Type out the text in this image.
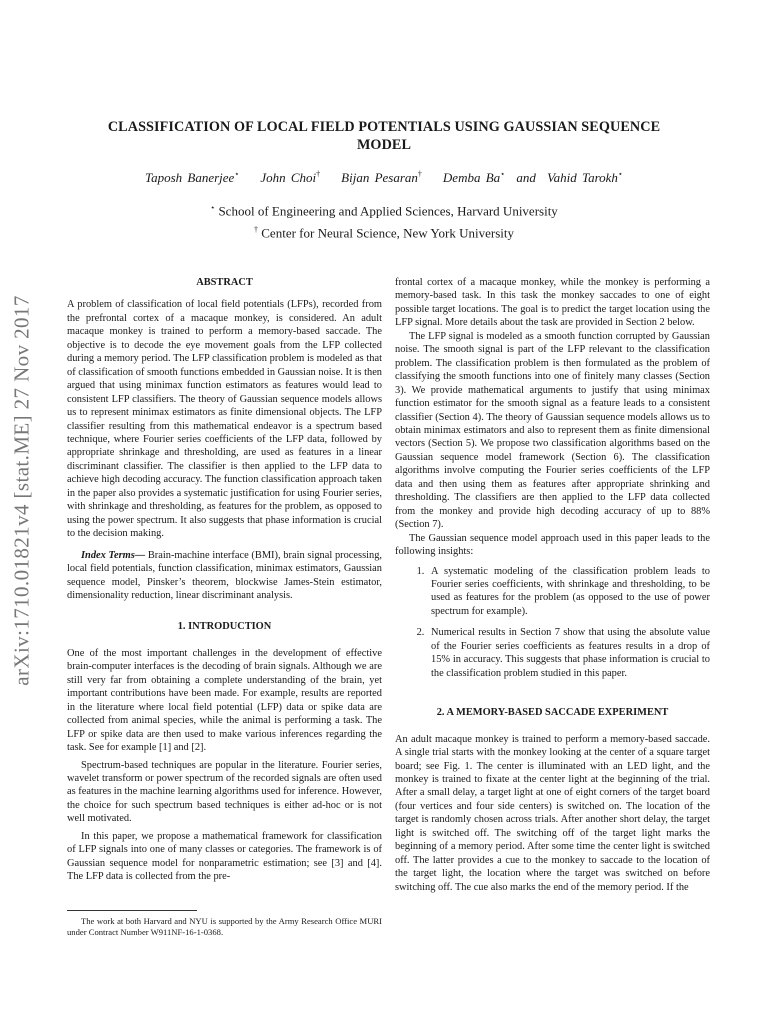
arXiv:1710.01821v4 [stat.ME] 27 Nov 2017
CLASSIFICATION OF LOCAL FIELD POTENTIALS USING GAUSSIAN SEQUENCE
MODEL
Taposh Banerjee⋆ John Choi† Bijan Pesaran† Demba Ba⋆ and Vahid Tarokh⋆
⋆ School of Engineering and Applied Sciences, Harvard University
† Center for Neural Science, New York University
ABSTRACT

A problem of classification of local field potentials (LFPs), recorded from the prefrontal cortex of a macaque monkey, is considered. An adult macaque monkey is trained to perform a memory-based saccade. The objective is to decode the eye movement goals from the LFP collected during a memory period. The LFP classification problem is modeled as that of classification of smooth functions embedded in Gaussian noise. It is then argued that using minimax function estimators as features would lead to consistent LFP classifiers. The theory of Gaussian sequence models allows us to represent minimax estimators as finite dimensional objects. The LFP classifier resulting from this mathematical endeavor is a spectrum based technique, where Fourier series coefficients of the LFP data, followed by appropriate shrinkage and thresholding, are used as features in a linear discriminant classifier. The classifier is then applied to the LFP data to achieve high decoding accuracy. The function classification approach taken in the paper also provides a systematic justification for using Fourier series, with shrinkage and thresholding, as features for the problem, as opposed to using the power spectrum. It also suggests that phase information is crucial to the decision making.

Index Terms— Brain-machine interface (BMI), brain signal processing, local field potentials, function classification, minimax estimators, Gaussian sequence model, Pinsker’s theorem, blockwise James-Stein estimator, dimensionality reduction, linear discriminant analysis.

1. INTRODUCTION

One of the most important challenges in the development of effective brain-computer interfaces is the decoding of brain signals. Although we are still very far from obtaining a complete understanding of the brain, yet important contributions have been made. For example, results are reported in the literature where local field potential (LFP) data or spike data are collected from animal species, while the animal is performing a task. The LFP or spike data are then used to make various inferences regarding the task. See for example [1] and [2].

Spectrum-based techniques are popular in the literature. Fourier series, wavelet transform or power spectrum of the recorded signals are often used as features in the machine learning algorithms used for inference. However, the choice for such spectrum based techniques is either ad-hoc or is not well motivated.

In this paper, we propose a mathematical framework for classification of LFP signals into one of many classes or categories. The framework is of Gaussian sequence model for nonparametric estimation; see [3] and [4]. The LFP data is collected from the pre-

The work at both Harvard and NYU is supported by the Army Research Office MURI under Contract Number W911NF-16-1-0368.

frontal cortex of a macaque monkey, while the monkey is performing a memory-based task. In this task the monkey saccades to one of eight possible target locations. The goal is to predict the target location using the LFP signal. More details about the task are provided in Section 2 below.

The LFP signal is modeled as a smooth function corrupted by Gaussian noise. The smooth signal is part of the LFP relevant to the classification problem. The classification problem is then formulated as the problem of classifying the smooth functions into one of finitely many classes (Section 3). We provide mathematical arguments to justify that using minimax function estimator for the smooth signal as a feature leads to a consistent classifier (Section 4). The theory of Gaussian sequence models allows us to obtain minimax estimators and also to represent them as finite dimensional vectors (Section 5). We propose two classification algorithms based on the Gaussian sequence model framework (Section 6). The classification algorithms involve computing the Fourier series coefficients of the LFP data and then using them as features after appropriate shrinking and thresholding. The classifiers are then applied to the LFP data collected from the monkey and provide high decoding accuracy of up to 88% (Section 7).

The Gaussian sequence model approach used in this paper leads to the following insights:

1. A systematic modeling of the classification problem leads to Fourier series coefficients, with shrinkage and thresholding, to be used as features for the problem (as opposed to the use of power spectrum for example).
2. Numerical results in Section 7 show that using the absolute value of the Fourier series coefficients as features results in a drop of 15% in accuracy. This suggests that phase information is crucial to the classification problem studied in this paper.
2. A MEMORY-BASED SACCADE EXPERIMENT

An adult macaque monkey is trained to perform a memory-based saccade. A single trial starts with the monkey looking at the center of a square target board; see Fig. 1. The center is illuminated with an LED light, and the monkey is trained to fixate at the center light at the beginning of the trial. After a small delay, a target light at one of eight corners of the target board (four vertices and four side centers) is switched on. The location of the target is randomly chosen across trials. After another short delay, the target light is switched off. The switching off of the target light marks the beginning of a memory period. After some time the center light is switched off. The latter provides a cue to the monkey to saccade to the location of the target light, the location where the target was switched on before switching off. The cue also marks the end of the memory period. If the
